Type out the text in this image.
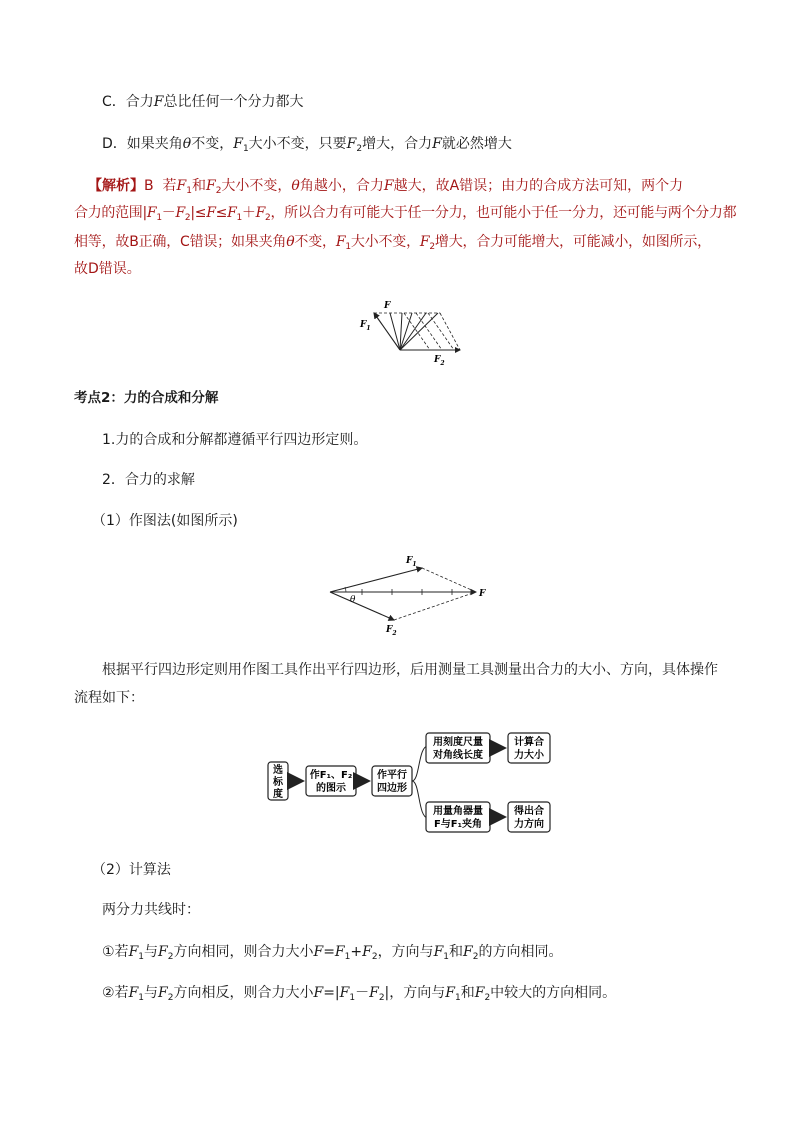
C．合力F总比任何一个分力都大
D．如果夹角θ不变，$F_1$大小不变，只要$F_2$增大，合力F就必然增大
【解析】B 若$F_1$和$F_2$大小不变，θ角越小，合力F越大，故A错误；由力的合成方法可知，两个力
合力的范围$|F_1-F_2|\le F\le F_1+F_2$，所以合力有可能大于任一分力，也可能小于任一分力，还可能与两个分力都
相等，故B正确，C错误；如果夹角θ不变，$F_1$大小不变，$F_2$增大，合力可能增大，可能减小，如图所示，
故D错误。
F
$F_1$
$F_2$
考点2：力的合成和分解
1.力的合成和分解都遵循平行四边形定则。
2．合力的求解
（1）作图法(如图所示)
θ
$F_1$
$F_2$
F
根据平行四边形定则用作图工具作出平行四边形，后用测量工具测量出合力的大小、方向，具体操作
流程如下：
选
标
度
作F₁、F₂
的图示
作平行
四边形
用刻度尺量
对角线长度
计算合
力大小
用量角器量
F与F₁夹角
得出合
力方向
（2）计算法
两分力共线时：
①若$F_1$与$F_2$方向相同，则合力大小$F=F_1+F_2$，方向与$F_1$和$F_2$的方向相同。
②若$F_1$与$F_2$方向相反，则合力大小$F=|F_1-F_2|$，方向与$F_1$和$F_2$中较大的方向相同。
